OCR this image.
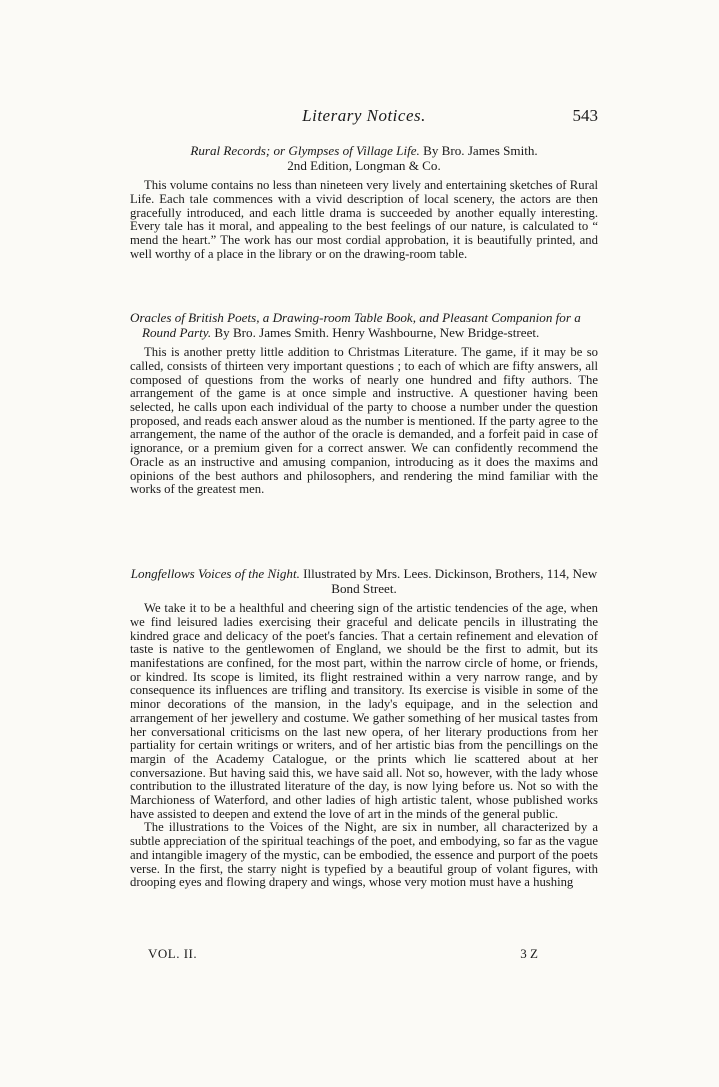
Literary Notices.	543
Rural Records; or Glympses of Village Life. By Bro. James Smith.
2nd Edition, Longman & Co.

This volume contains no less than nineteen very lively and entertaining sketches of Rural Life. Each tale commences with a vivid description of local scenery, the actors are then gracefully introduced, and each little drama is succeeded by another equally interesting. Every tale has it moral, and appealing to the best feelings of our nature, is calculated to “ mend the heart.” The work has our most cordial approbation, it is beautifully printed, and well worthy of a place in the library or on the drawing-room table.

Oracles of British Poets, a Drawing-room Table Book, and Pleasant Companion for a Round Party. By Bro. James Smith. Henry Washbourne, New Bridge-street.

This is another pretty little addition to Christmas Literature. The game, if it may be so called, consists of thirteen very important questions ; to each of which are fifty answers, all composed of questions from the works of nearly one hundred and fifty authors. The arrangement of the game is at once simple and instructive. A questioner having been selected, he calls upon each individual of the party to choose a number under the question proposed, and reads each answer aloud as the number is mentioned. If the party agree to the arrangement, the name of the author of the oracle is demanded, and a forfeit paid in case of ignorance, or a premium given for a correct answer. We can confidently recommend the Oracle as an instructive and amusing companion, introducing as it does the maxims and opinions of the best authors and philosophers, and rendering the mind familiar with the works of the greatest men.

Longfellows Voices of the Night. Illustrated by Mrs. Lees. Dickinson, Brothers, 114, New Bond Street.

We take it to be a healthful and cheering sign of the artistic tendencies of the age, when we find leisured ladies exercising their graceful and delicate pencils in illustrating the kindred grace and delicacy of the poet's fancies. That a certain refinement and elevation of taste is native to the gentlewomen of England, we should be the first to admit, but its manifestations are confined, for the most part, within the narrow circle of home, or friends, or kindred. Its scope is limited, its flight restrained within a very narrow range, and by consequence its influences are trifling and transitory. Its exercise is visible in some of the minor decorations of the mansion, in the lady's equipage, and in the selection and arrangement of her jewellery and costume. We gather something of her musical tastes from her conversational criticisms on the last new opera, of her literary productions from her partiality for certain writings or writers, and of her artistic bias from the pencillings on the margin of the Academy Catalogue, or the prints which lie scattered about at her conversazione. But having said this, we have said all. Not so, however, with the lady whose contribution to the illustrated literature of the day, is now lying before us. Not so with the Marchioness of Waterford, and other ladies of high artistic talent, whose published works have assisted to deepen and extend the love of art in the minds of the general public.

The illustrations to the Voices of the Night, are six in number, all characterized by a subtle appreciation of the spiritual teachings of the poet, and embodying, so far as the vague and intangible imagery of the mystic, can be embodied, the essence and purport of the poets verse. In the first, the starry night is typefied by a beautiful group of volant figures, with drooping eyes and flowing drapery and wings, whose very motion must have a hushing

VOL. II.	3 Z
